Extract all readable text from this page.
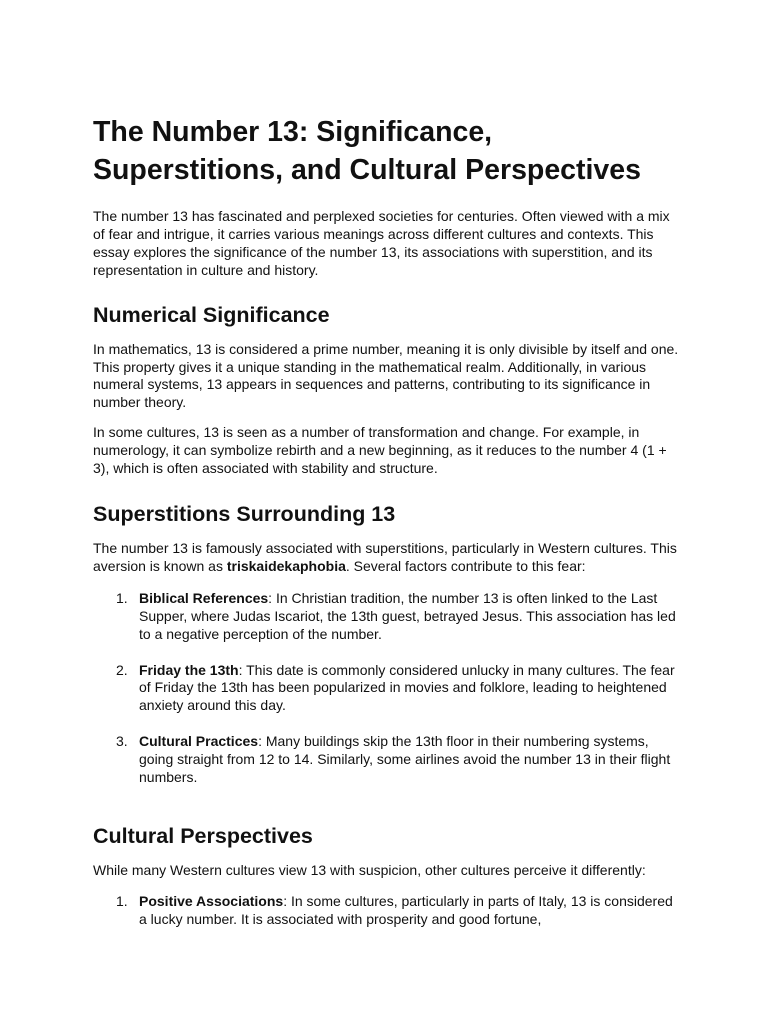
The Number 13: Significance, Superstitions, and Cultural Perspectives

The number 13 has fascinated and perplexed societies for centuries. Often viewed with a mix of fear and intrigue, it carries various meanings across different cultures and contexts. This essay explores the significance of the number 13, its associations with superstition, and its representation in culture and history.

Numerical Significance

In mathematics, 13 is considered a prime number, meaning it is only divisible by itself and one. This property gives it a unique standing in the mathematical realm. Additionally, in various numeral systems, 13 appears in sequences and patterns, contributing to its significance in number theory.

In some cultures, 13 is seen as a number of transformation and change. For example, in numerology, it can symbolize rebirth and a new beginning, as it reduces to the number 4 (1 + 3), which is often associated with stability and structure.

Superstitions Surrounding 13

The number 13 is famously associated with superstitions, particularly in Western cultures. This aversion is known as triskaidekaphobia. Several factors contribute to this fear:

1. Biblical References: In Christian tradition, the number 13 is often linked to the Last Supper, where Judas Iscariot, the 13th guest, betrayed Jesus. This association has led to a negative perception of the number.
2. Friday the 13th: This date is commonly considered unlucky in many cultures. The fear of Friday the 13th has been popularized in movies and folklore, leading to heightened anxiety around this day.
3. Cultural Practices: Many buildings skip the 13th floor in their numbering systems, going straight from 12 to 14. Similarly, some airlines avoid the number 13 in their flight numbers.
Cultural Perspectives

While many Western cultures view 13 with suspicion, other cultures perceive it differently:

1. Positive Associations: In some cultures, particularly in parts of Italy, 13 is considered a lucky number. It is associated with prosperity and good fortune,
